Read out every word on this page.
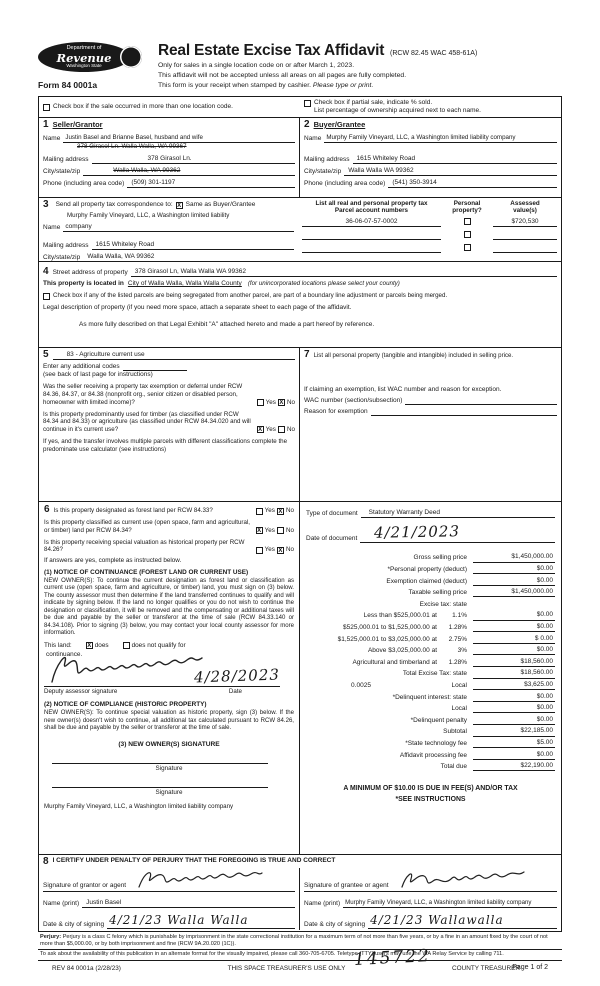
Department of
Revenue
Washington State
Form 84 0001a
Real Estate Excise Tax Affidavit (RCW 82.45 WAC 458-61A)
Only for sales in a single location code on or after March 1, 2023.
This affidavit will not be accepted unless all areas on all pages are fully completed.
This form is your receipt when stamped by cashier. Please type or print.
Check box if the sale occurred in more than one location code.
Check box if partial sale, indicate % sold.
List percentage of ownership acquired next to each name.
1 Seller/Grantor
Name Justin Basel and Brianne Basel, husband and wife
378 Girasol Ln. Walla Walla, WA 99367
Mailing address	378 Girasol Ln.
City/state/zip	Walla Walla, WA 99362
Phone (including area code)	(509) 301-1197
2 Buyer/Grantee
Name Murphy Family Vineyard, LLC, a Washington limited liability company
Mailing address	1615 Whiteley Road
City/state/zip	Walla Walla WA 99362
Phone (including area code)	(541) 350-3914
3 Send all property tax correspondence to: X Same as Buyer/Grantee
Murphy Family Vineyard, LLC, a Washington limited liability
Name company
Mailing address	1615 Whiteley Road
City/state/zip	Walla Walla, WA 99362
List all real and personal property tax
Parcel account numbers
Personal
property?
Assessed
value(s)
36-06-07-57-0002	$720,530
4 Street address of property	378 Girasol Ln, Walla Walla WA 99362
This property is located in City of Walla Walla, Walla Walla County (for unincorporated locations please select your county)
Check box if any of the listed parcels are being segregated from another parcel, are part of a boundary line adjustment or parcels being merged.
Legal description of property (if you need more space, attach a separate sheet to each page of the affidavit.
As more fully described on that Legal Exhibit "A" attached hereto and made a part hereof by reference.
5	83 - Agriculture current use
Enter any additional codes
(see back of last page for instructions)
Was the seller receiving a property tax exemption or deferral under RCW 84.36, 84.37, or 84.38 (nonprofit org., senior citizen or disabled person, homeowner with limited income)?	Yes X No
Is this property predominantly used for timber (as classified under RCW 84.34 and 84.33) or agriculture (as classified under RCW 84.34.020 and will continue in it's current use?	X Yes No
If yes, and the transfer involves multiple parcels with different classifications complete the predominate use calculator (see instructions)
7 List all personal property (tangible and intangible) included in selling price.
If claiming an exemption, list WAC number and reason for exception.
WAC number (section/subsection)
Reason for exemption
6 Is this property designated as forest land per RCW 84.33?	Yes X No
Is this property classified as current use (open space, farm and agricultural, or timber) land per RCW 84.34?	X Yes No
Is this property receiving special valuation as historical property per RCW 84.26?	Yes X No
If answers are yes, complete as instructed below.
(1) NOTICE OF CONTINUANCE (FOREST LAND OR CURRENT USE)
NEW OWNER(S): To continue the current designation as forest land or classification as current use (open space, farm and agriculture, or timber) land, you must sign on (3) below. The county assessor must then determine if the land transferred continues to qualify and will indicate by signing below. If the land no longer qualifies or you do not wish to continue the designation or classification, it will be removed and the compensating or additional taxes will be due and payable by the seller or transferor at the time of sale (RCW 84.33.140 or 84.34.108). Prior to signing (3) below, you may contact your local county assessor for more information.
This land:	X does	does not qualify for
continuance.
4/28/2023
Deputy assessor signature	Date
(2) NOTICE OF COMPLIANCE (HISTORIC PROPERTY)
NEW OWNER(S): To continue special valuation as historic property, sign (3) below. If the new owner(s) doesn't wish to continue, all additional tax calculated pursuant to RCW 84.26, shall be due and payable by the seller or transferor at the time of sale.
(3) NEW OWNER(S) SIGNATURE
Signature
Signature
Murphy Family Vineyard, LLC, a Washington limited liability company
Type of document	Statutory Warranty Deed
Date of document	4/21/2023
Gross selling price	$1,450,000.00
*Personal property (deduct)	$0.00
Exemption claimed (deduct)	$0.00
Taxable selling price	$1,450,000.00
Excise tax: state
Less than $525,000.01 at	1.1%	$0.00
$525,000.01 to $1,525,000.00 at	1.28%	$0.00
$1,525,000.01 to $3,025,000.00 at	2.75%	$ 0.00
Above $3,025,000.00 at	3%	$0.00
Agricultural and timberland at	1.28%	$18,560.00
Total Excise Tax: state	$18,560.00
0.0025	Local	$3,625.00
*Delinquent interest: state	$0.00
Local	$0.00
*Delinquent penalty	$0.00
Subtotal	$22,185.00
*State technology fee	$5.00
Affidavit processing fee	$0.00
Total due	$22,190.00
A MINIMUM OF $10.00 IS DUE IN FEE(S) AND/OR TAX
*SEE INSTRUCTIONS
8 I CERTIFY UNDER PENALTY OF PERJURY THAT THE FOREGOING IS TRUE AND CORRECT
Signature of grantor or agent
Name (print)	Justin Basel
Date & city of signing 4/21/23 Walla Walla
Signature of grantee or agent
Name (print) Murphy Family Vineyard, LLC, a Washington limited liability company
Date & city of signing 4/21/23 Wallawalla
Perjury: Perjury is a class C felony which is punishable by imprisonment in the state correctional institution for a maximum term of not more than five years, or by a fine in an amount fixed by the court of not more than $5,000.00, or by both imprisonment and fine (RCW 9A.20.020 (1C)).
To ask about the availability of this publication in an alternate format for the visually impaired, please call 360-705-6705. Teletype (TTY) users may use the WA Relay Service by calling 711.
REV 84 0001a (2/28/23)	THIS SPACE TREASURER'S USE ONLY	COUNTY TREASURER
145722	Page 1 of 2
